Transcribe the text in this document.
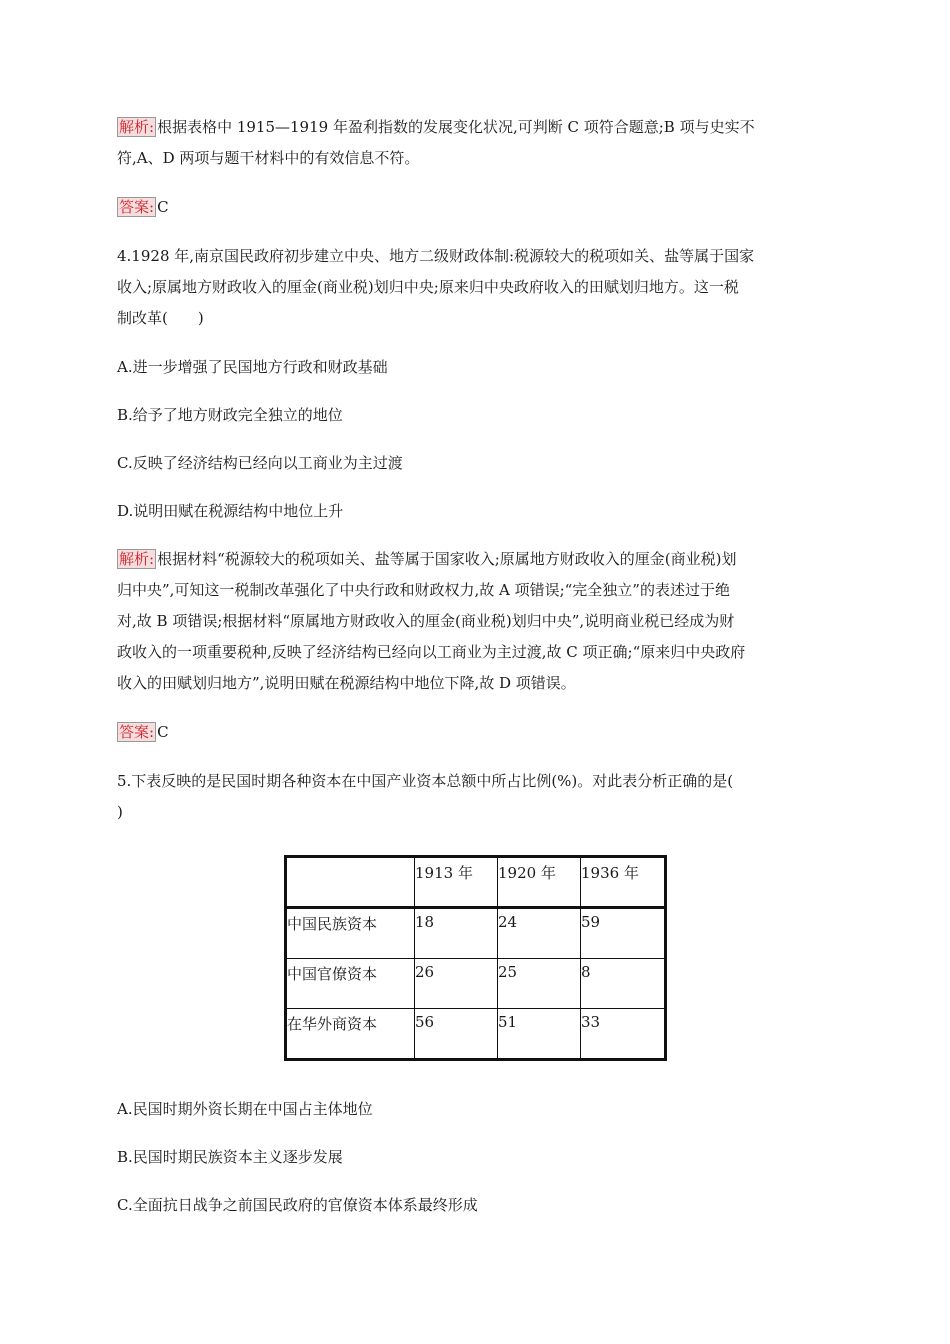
解析: 根据表格中 1915—1919 年盈利指数的发展变化状况,可判断 C 项符合题意;B 项与史实不

符,A、D 两项与题干材料中的有效信息不符。

答案: C

4.1928 年,南京国民政府初步建立中央、地方二级财政体制:税源较大的税项如关、盐等属于国家

收入;原属地方财政收入的厘金(商业税)划归中央;原来归中央政府收入的田赋划归地方。这一税

制改革(　　)

A.进一步增强了民国地方行政和财政基础

B.给予了地方财政完全独立的地位

C.反映了经济结构已经向以工商业为主过渡

D.说明田赋在税源结构中地位上升

解析: 根据材料“税源较大的税项如关、盐等属于国家收入;原属地方财政收入的厘金(商业税)划

归中央”,可知这一税制改革强化了中央行政和财政权力,故 A 项错误;“完全独立”的表述过于绝

对,故 B 项错误;根据材料“原属地方财政收入的厘金(商业税)划归中央”,说明商业税已经成为财

政收入的一项重要税种,反映了经济结构已经向以工商业为主过渡,故 C 项正确;“原来归中央政府

收入的田赋划归地方”,说明田赋在税源结构中地位下降,故 D 项错误。

答案: C

5.下表反映的是民国时期各种资本在中国产业资本总额中所占比例(%)。对此表分析正确的是(

)

	1913 年	1920 年	1936 年
中国民族资本	18	24	59
中国官僚资本	26	25	8
在华外商资本	56	51	33

A.民国时期外资长期在中国占主体地位

B.民国时期民族资本主义逐步发展

C.全面抗日战争之前国民政府的官僚资本体系最终形成
